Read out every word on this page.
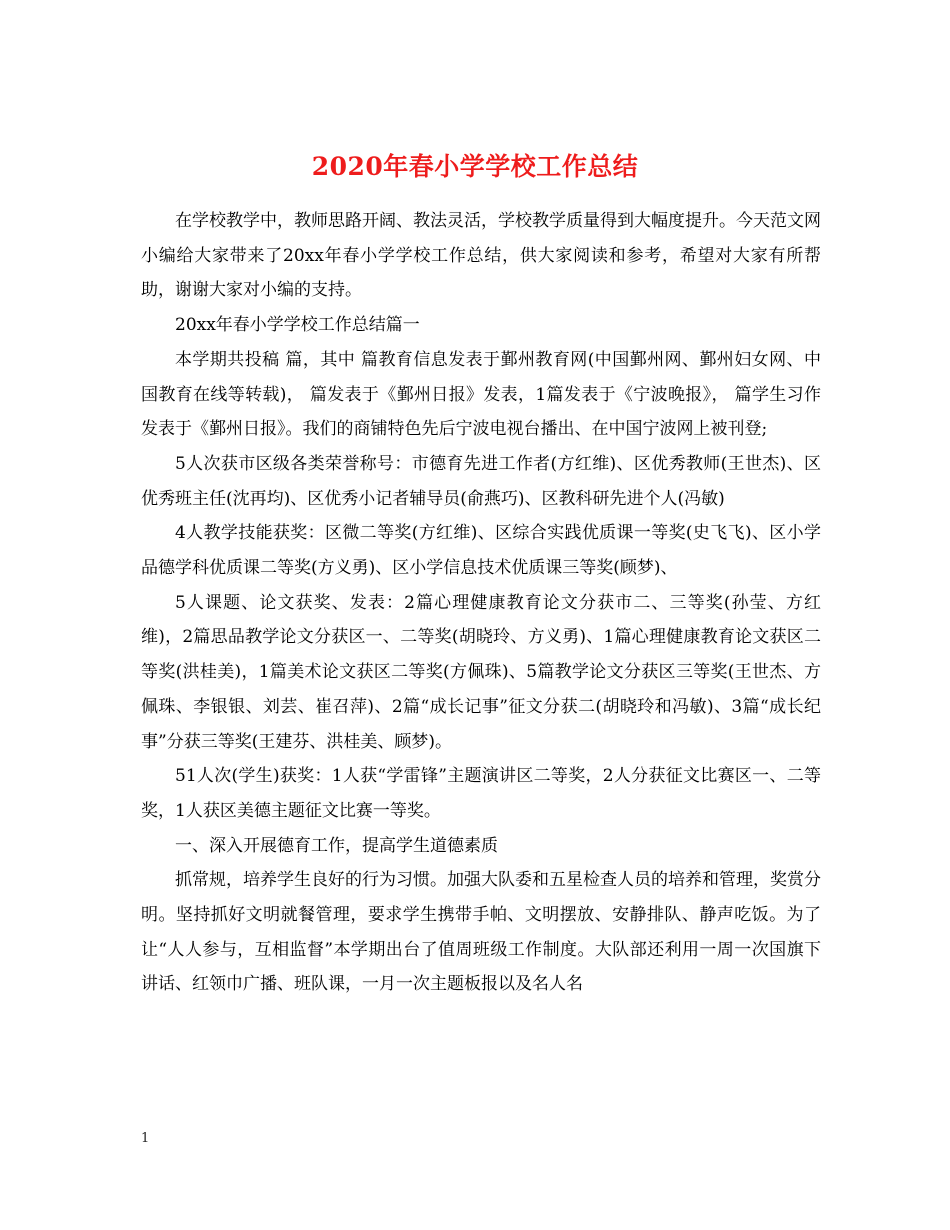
2020年春小学学校工作总结

在学校教学中，教师思路开阔、教法灵活，学校教学质量得到大幅度提升。今天范文网小编给大家带来了20xx年春小学学校工作总结，供大家阅读和参考，希望对大家有所帮助，谢谢大家对小编的支持。

20xx年春小学学校工作总结篇一

本学期共投稿 篇，其中 篇教育信息发表于鄞州教育网(中国鄞州网、鄞州妇女网、中国教育在线等转载)， 篇发表于《鄞州日报》发表，1篇发表于《宁波晚报》， 篇学生习作发表于《鄞州日报》。我们的商铺特色先后宁波电视台播出、在中国宁波网上被刊登;

5人次获市区级各类荣誉称号：市德育先进工作者(方红维)、区优秀教师(王世杰)、区优秀班主任(沈再均)、区优秀小记者辅导员(俞燕巧)、区教科研先进个人(冯敏)

4人教学技能获奖：区微二等奖(方红维)、区综合实践优质课一等奖(史飞飞)、区小学品德学科优质课二等奖(方义勇)、区小学信息技术优质课三等奖(顾梦)、

5人课题、论文获奖、发表：2篇心理健康教育论文分获市二、三等奖(孙莹、方红维)，2篇思品教学论文分获区一、二等奖(胡晓玲、方义勇)、1篇心理健康教育论文获区二等奖(洪桂美)，1篇美术论文获区二等奖(方佩珠)、5篇教学论文分获区三等奖(王世杰、方佩珠、李银银、刘芸、崔召萍)、2篇“成长记事”征文分获二(胡晓玲和冯敏)、3篇“成长纪事”分获三等奖(王建芬、洪桂美、顾梦)。

51人次(学生)获奖：1人获“学雷锋”主题演讲区二等奖，2人分获征文比赛区一、二等奖，1人获区美德主题征文比赛一等奖。

一、深入开展德育工作，提高学生道德素质

抓常规，培养学生良好的行为习惯。加强大队委和五星检查人员的培养和管理，奖赏分明。坚持抓好文明就餐管理，要求学生携带手帕、文明摆放、安静排队、静声吃饭。为了让“人人参与，互相监督”本学期出台了值周班级工作制度。大队部还利用一周一次国旗下讲话、红领巾广播、班队课，一月一次主题板报以及名人名

1
